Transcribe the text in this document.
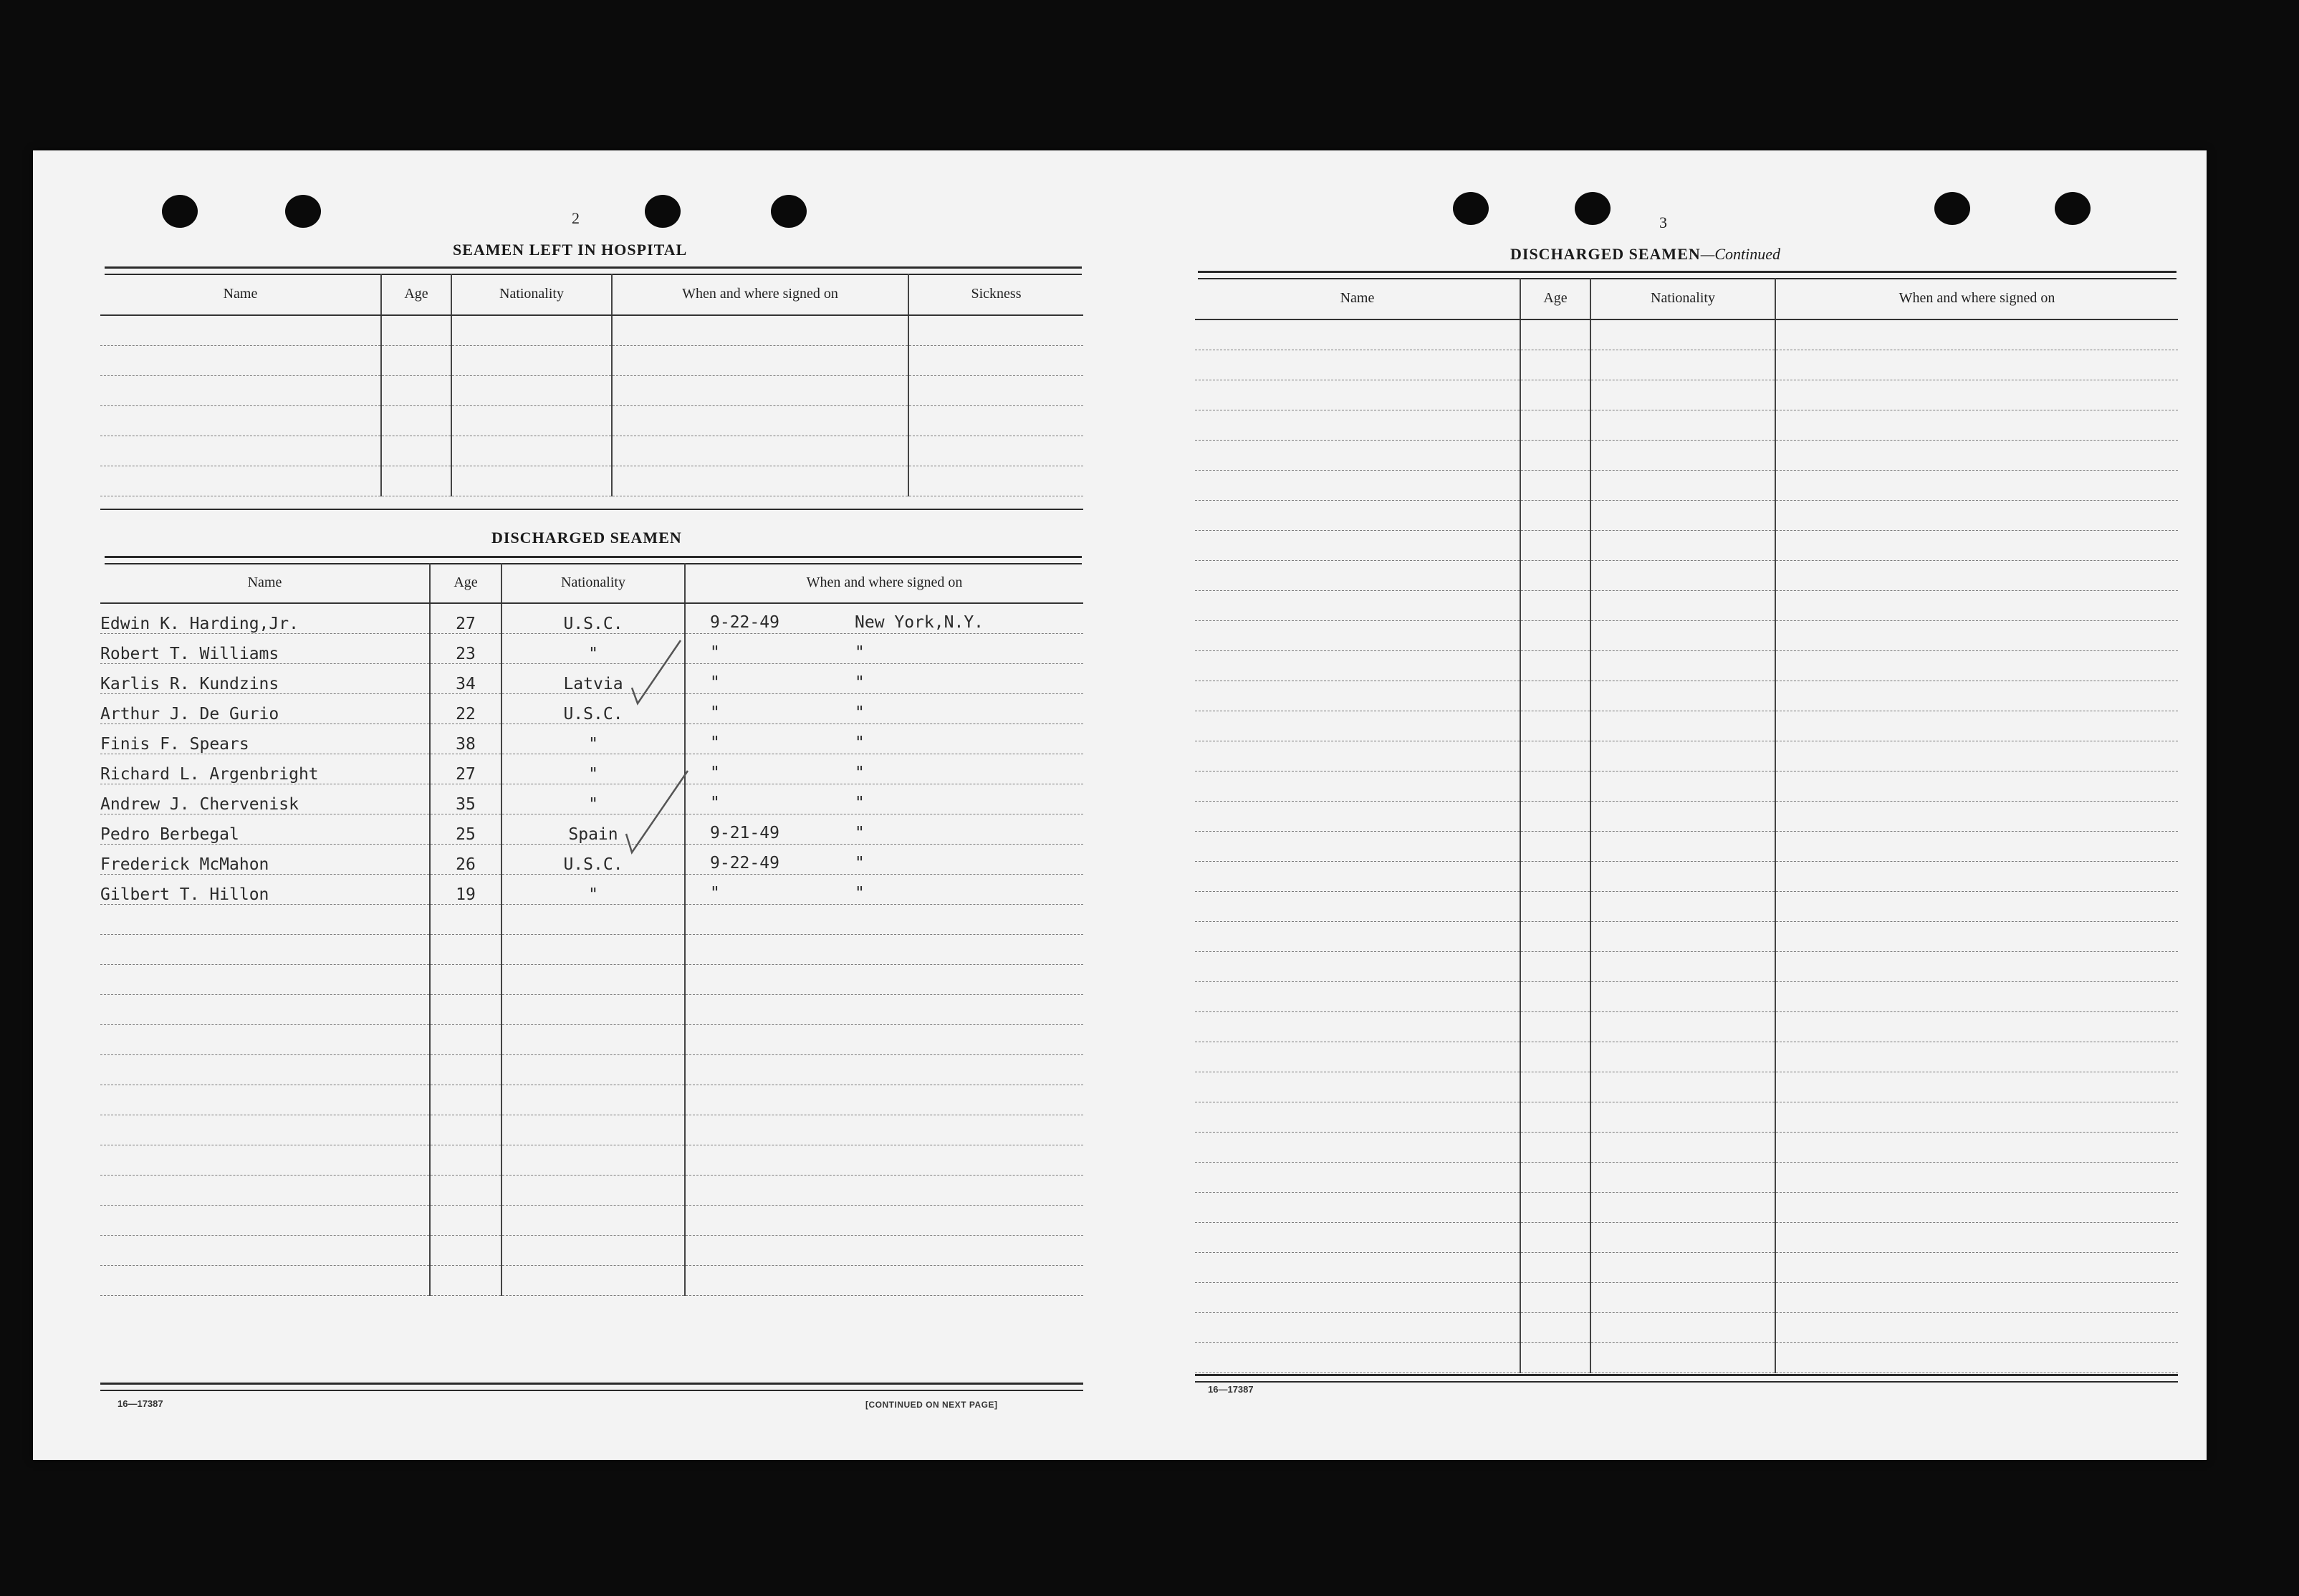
2
SEAMEN LEFT IN HOSPITAL
Name	Age	Nationality	When and where signed on	Sickness

DISCHARGED SEAMEN
Name	Age	Nationality	When and where signed on
Edwin K. Harding,Jr.	27	U.S.C.	9-22-49 New York,N.Y.

Robert T. Williams	23	"	" "

Karlis R. Kundzins	34	Latvia	" "

Arthur J. De Gurio	22	U.S.C.	" "

Finis F. Spears	38	"	" "

Richard L. Argenbright	27	"	" "

Andrew J. Chervenisk	35	"	" "

Pedro Berbegal	25	Spain	9-21-49 "

Frederick McMahon	26	U.S.C.	9-22-49 "

Gilbert T. Hillon	19	"	" "

16—17387	[CONTINUED ON NEXT PAGE]
3
DISCHARGED SEAMEN—Continued
Name	Age	Nationality	When and where signed on

16—17387
